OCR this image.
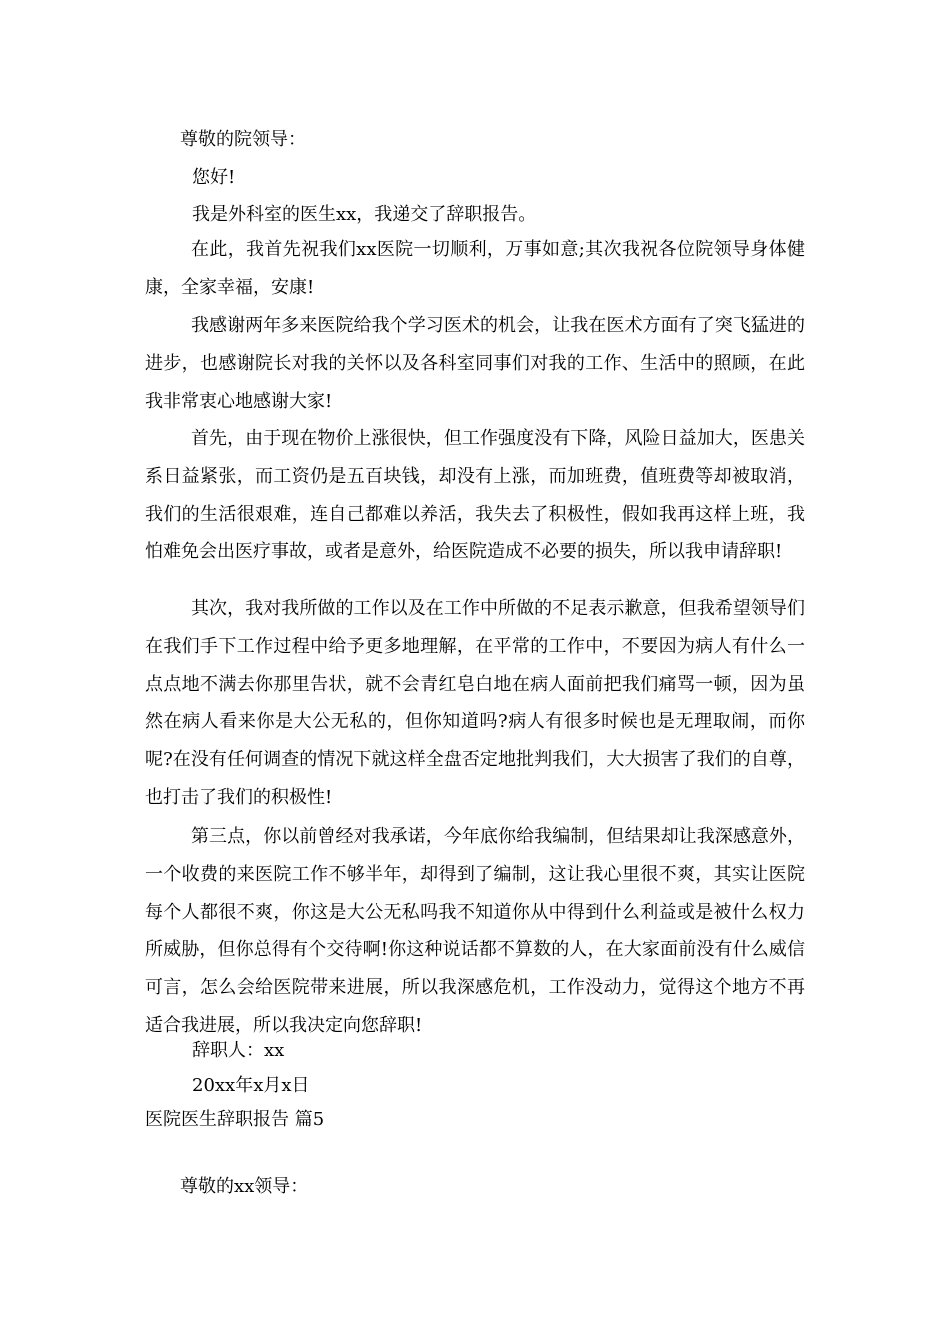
尊敬的院领导：
您好!
我是外科室的医生xx，我递交了辞职报告。
在此，我首先祝我们xx医院一切顺利，万事如意;其次我祝各位院领导身体健康，全家幸福，安康!
我感谢两年多来医院给我个学习医术的机会，让我在医术方面有了突飞猛进的进步，也感谢院长对我的关怀以及各科室同事们对我的工作、生活中的照顾，在此我非常衷心地感谢大家!
首先，由于现在物价上涨很快，但工作强度没有下降，风险日益加大，医患关系日益紧张，而工资仍是五百块钱，却没有上涨，而加班费，值班费等却被取消，我们的生活很艰难，连自己都难以养活，我失去了积极性，假如我再这样上班，我怕难免会出医疗事故，或者是意外，给医院造成不必要的损失，所以我申请辞职!
其次，我对我所做的工作以及在工作中所做的不足表示歉意，但我希望领导们在我们手下工作过程中给予更多地理解，在平常的工作中，不要因为病人有什么一点点地不满去你那里告状，就不会青红皂白地在病人面前把我们痛骂一顿，因为虽然在病人看来你是大公无私的，但你知道吗?病人有很多时候也是无理取闹，而你呢?在没有任何调查的情况下就这样全盘否定地批判我们，大大损害了我们的自尊，也打击了我们的积极性!
第三点，你以前曾经对我承诺，今年底你给我编制，但结果却让我深感意外，一个收费的来医院工作不够半年，却得到了编制，这让我心里很不爽，其实让医院每个人都很不爽，你这是大公无私吗我不知道你从中得到什么利益或是被什么权力所威胁，但你总得有个交待啊!你这种说话都不算数的人，在大家面前没有什么威信可言，怎么会给医院带来进展，所以我深感危机，工作没动力，觉得这个地方不再适合我进展，所以我决定向您辞职!
辞职人：xx
20xx年x月x日
医院医生辞职报告 篇5
尊敬的xx领导：
